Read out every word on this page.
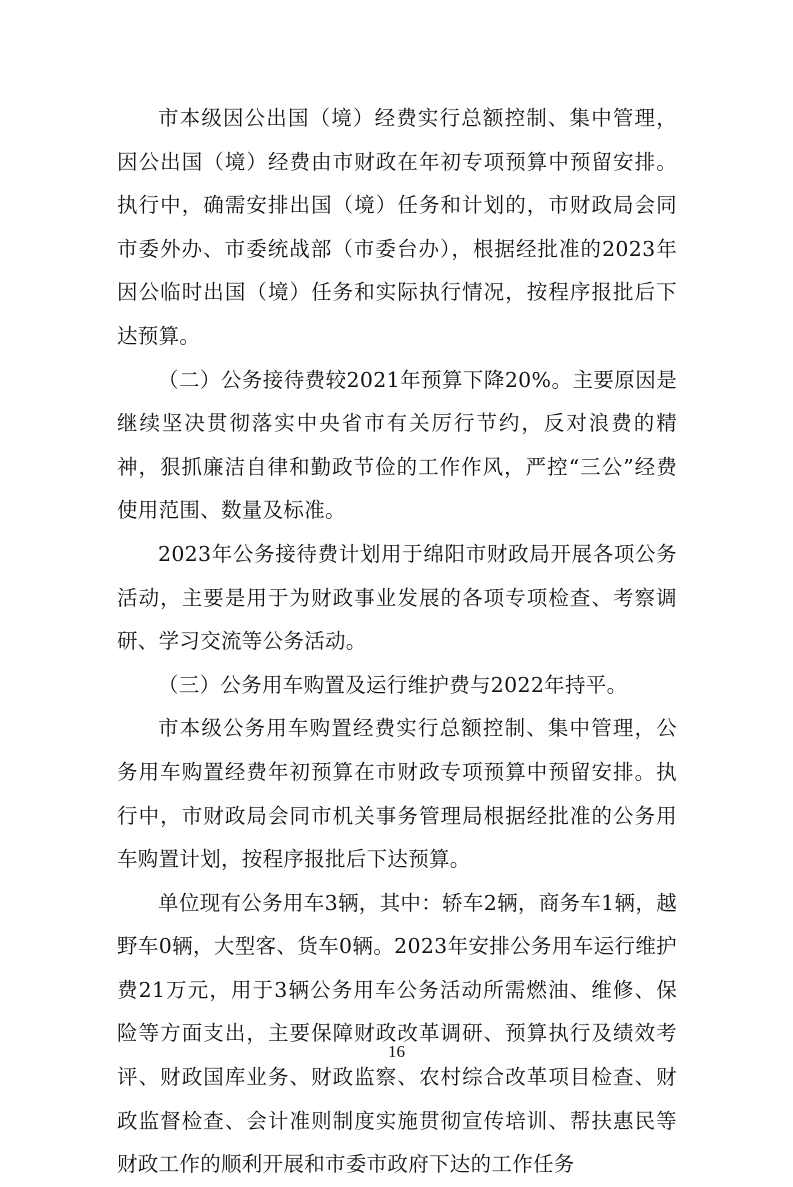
市本级因公出国（境）经费实行总额控制、集中管理，因公出国（境）经费由市财政在年初专项预算中预留安排。执行中，确需安排出国（境）任务和计划的，市财政局会同市委外办、市委统战部（市委台办），根据经批准的2023年因公临时出国（境）任务和实际执行情况，按程序报批后下达预算。

（二）公务接待费较2021年预算下降20%。主要原因是继续坚决贯彻落实中央省市有关厉行节约，反对浪费的精神，狠抓廉洁自律和勤政节俭的工作作风，严控“三公”经费使用范围、数量及标准。

2023年公务接待费计划用于绵阳市财政局开展各项公务活动，主要是用于为财政事业发展的各项专项检查、考察调研、学习交流等公务活动。

（三）公务用车购置及运行维护费与2022年持平。

市本级公务用车购置经费实行总额控制、集中管理，公务用车购置经费年初预算在市财政专项预算中预留安排。执行中，市财政局会同市机关事务管理局根据经批准的公务用车购置计划，按程序报批后下达预算。

单位现有公务用车3辆，其中：轿车2辆，商务车1辆，越野车0辆，大型客、货车0辆。2023年安排公务用车运行维护费21万元，用于3辆公务用车公务活动所需燃油、维修、保险等方面支出，主要保障财政改革调研、预算执行及绩效考评、财政国库业务、财政监察、农村综合改革项目检查、财政监督检查、会计准则制度实施贯彻宣传培训、帮扶惠民等财政工作的顺利开展和市委市政府下达的工作任务

16
